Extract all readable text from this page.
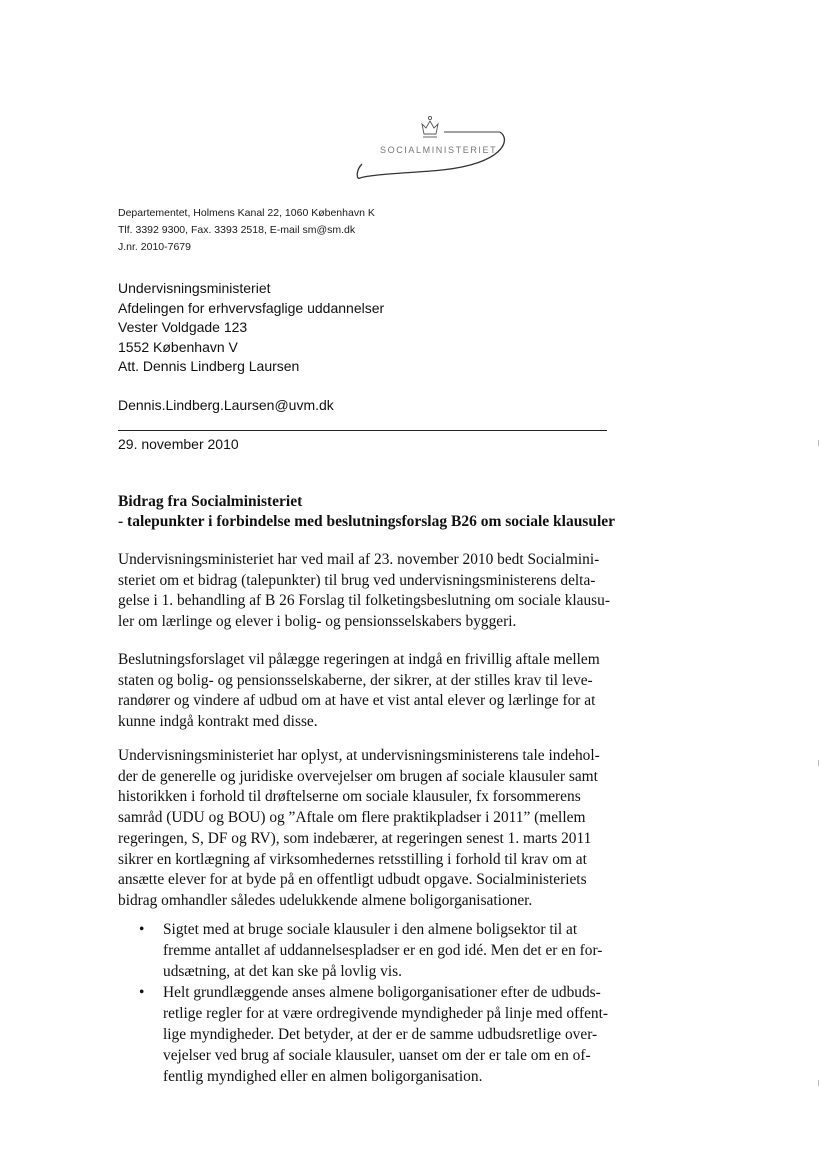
SOCIALMINISTERIET
Departementet, Holmens Kanal 22, 1060 København K
Tlf. 3392 9300, Fax. 3393 2518, E-mail sm@sm.dk
J.nr. 2010-7679
Undervisningsministeriet
Afdelingen for erhvervsfaglige uddannelser
Vester Voldgade 123
1552 København V
Att. Dennis Lindberg Laursen
Dennis.Lindberg.Laursen@uvm.dk
29. november 2010
Bidrag fra Socialministeriet
- talepunkter i forbindelse med beslutningsforslag B26 om sociale klausuler
Undervisningsministeriet har ved mail af 23. november 2010 bedt Socialmini-
steriet om et bidrag (talepunkter) til brug ved undervisningsministerens delta-
gelse i 1. behandling af B 26 Forslag til folketingsbeslutning om sociale klausu-
ler om lærlinge og elever i bolig- og pensionsselskabers byggeri.
Beslutningsforslaget vil pålægge regeringen at indgå en frivillig aftale mellem
staten og bolig- og pensionsselskaberne, der sikrer, at der stilles krav til leve-
randører og vindere af udbud om at have et vist antal elever og lærlinge for at
kunne indgå kontrakt med disse.
Undervisningsministeriet har oplyst, at undervisningsministerens tale indehol-
der de generelle og juridiske overvejelser om brugen af sociale klausuler samt
historikken i forhold til drøftelserne om sociale klausuler, fx forsommerens
samråd (UDU og BOU) og ”Aftale om flere praktikpladser i 2011” (mellem
regeringen, S, DF og RV), som indebærer, at regeringen senest 1. marts 2011
sikrer en kortlægning af virksomhedernes retsstilling i forhold til krav om at
ansætte elever for at byde på en offentligt udbudt opgave. Socialministeriets
bidrag omhandler således udelukkende almene boligorganisationer.
• Sigtet med at bruge sociale klausuler i den almene boligsektor til at
fremme antallet af uddannelsespladser er en god idé. Men det er en for-
udsætning, at det kan ske på lovlig vis.
• Helt grundlæggende anses almene boligorganisationer efter de udbuds-
retlige regler for at være ordregivende myndigheder på linje med offent-
lige myndigheder. Det betyder, at der er de samme udbudsretlige over-
vejelser ved brug af sociale klausuler, uanset om der er tale om en of-
fentlig myndighed eller en almen boligorganisation.
